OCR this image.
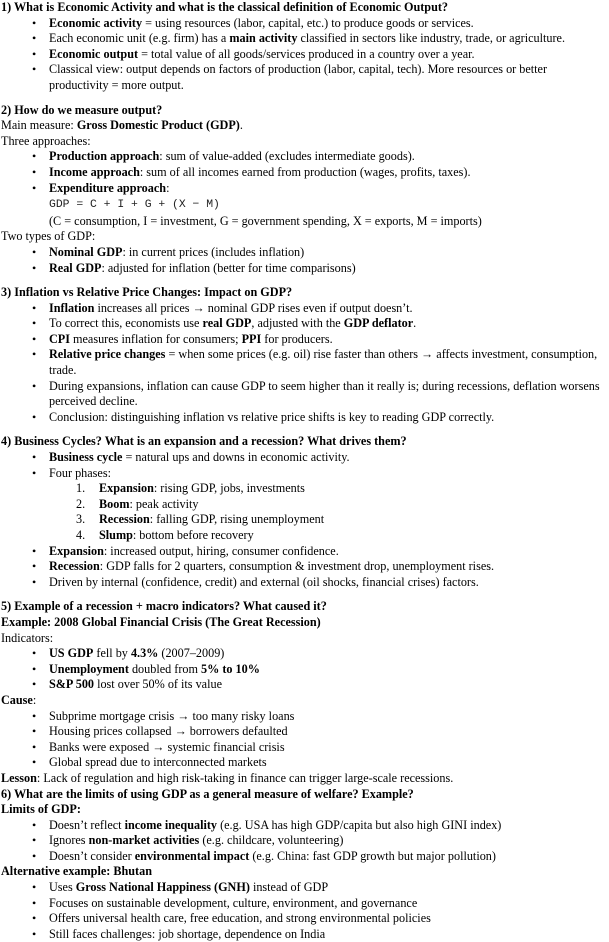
1) What is Economic Activity and what is the classical definition of Economic Output?
• Economic activity = using resources (labor, capital, etc.) to produce goods or services.
• Each economic unit (e.g. firm) has a main activity classified in sectors like industry, trade, or agriculture.
• Economic output = total value of all goods/services produced in a country over a year.
• Classical view: output depends on factors of production (labor, capital, tech). More resources or better productivity = more output.
2) How do we measure output?
Main measure: Gross Domestic Product (GDP).
Three approaches:
• Production approach: sum of value-added (excludes intermediate goods).
• Income approach: sum of all incomes earned from production (wages, profits, taxes).
• Expenditure approach:
GDP = C + I + G + (X − M)
(C = consumption, I = investment, G = government spending, X = exports, M = imports)
Two types of GDP:
• Nominal GDP: in current prices (includes inflation)
• Real GDP: adjusted for inflation (better for time comparisons)
3) Inflation vs Relative Price Changes: Impact on GDP?
• Inflation increases all prices → nominal GDP rises even if output doesn’t.
• To correct this, economists use real GDP, adjusted with the GDP deflator.
• CPI measures inflation for consumers; PPI for producers.
• Relative price changes = when some prices (e.g. oil) rise faster than others → affects investment, consumption, trade.
• During expansions, inflation can cause GDP to seem higher than it really is; during recessions, deflation worsens perceived decline.
• Conclusion: distinguishing inflation vs relative price shifts is key to reading GDP correctly.
4) Business Cycles? What is an expansion and a recession? What drives them?
• Business cycle = natural ups and downs in economic activity.
• Four phases:
1. Expansion: rising GDP, jobs, investments
2. Boom: peak activity
3. Recession: falling GDP, rising unemployment
4. Slump: bottom before recovery
• Expansion: increased output, hiring, consumer confidence.
• Recession: GDP falls for 2 quarters, consumption & investment drop, unemployment rises.
• Driven by internal (confidence, credit) and external (oil shocks, financial crises) factors.
5) Example of a recession + macro indicators? What caused it?
Example: 2008 Global Financial Crisis (The Great Recession)
Indicators:
• US GDP fell by 4.3% (2007–2009)
• Unemployment doubled from 5% to 10%
• S&P 500 lost over 50% of its value
Cause:
• Subprime mortgage crisis → too many risky loans
• Housing prices collapsed → borrowers defaulted
• Banks were exposed → systemic financial crisis
• Global spread due to interconnected markets
Lesson: Lack of regulation and high risk-taking in finance can trigger large-scale recessions.
6) What are the limits of using GDP as a general measure of welfare? Example?
Limits of GDP:
• Doesn’t reflect income inequality (e.g. USA has high GDP/capita but also high GINI index)
• Ignores non-market activities (e.g. childcare, volunteering)
• Doesn’t consider environmental impact (e.g. China: fast GDP growth but major pollution)
Alternative example: Bhutan
• Uses Gross National Happiness (GNH) instead of GDP
• Focuses on sustainable development, culture, environment, and governance
• Offers universal health care, free education, and strong environmental policies
• Still faces challenges: job shortage, dependence on India
